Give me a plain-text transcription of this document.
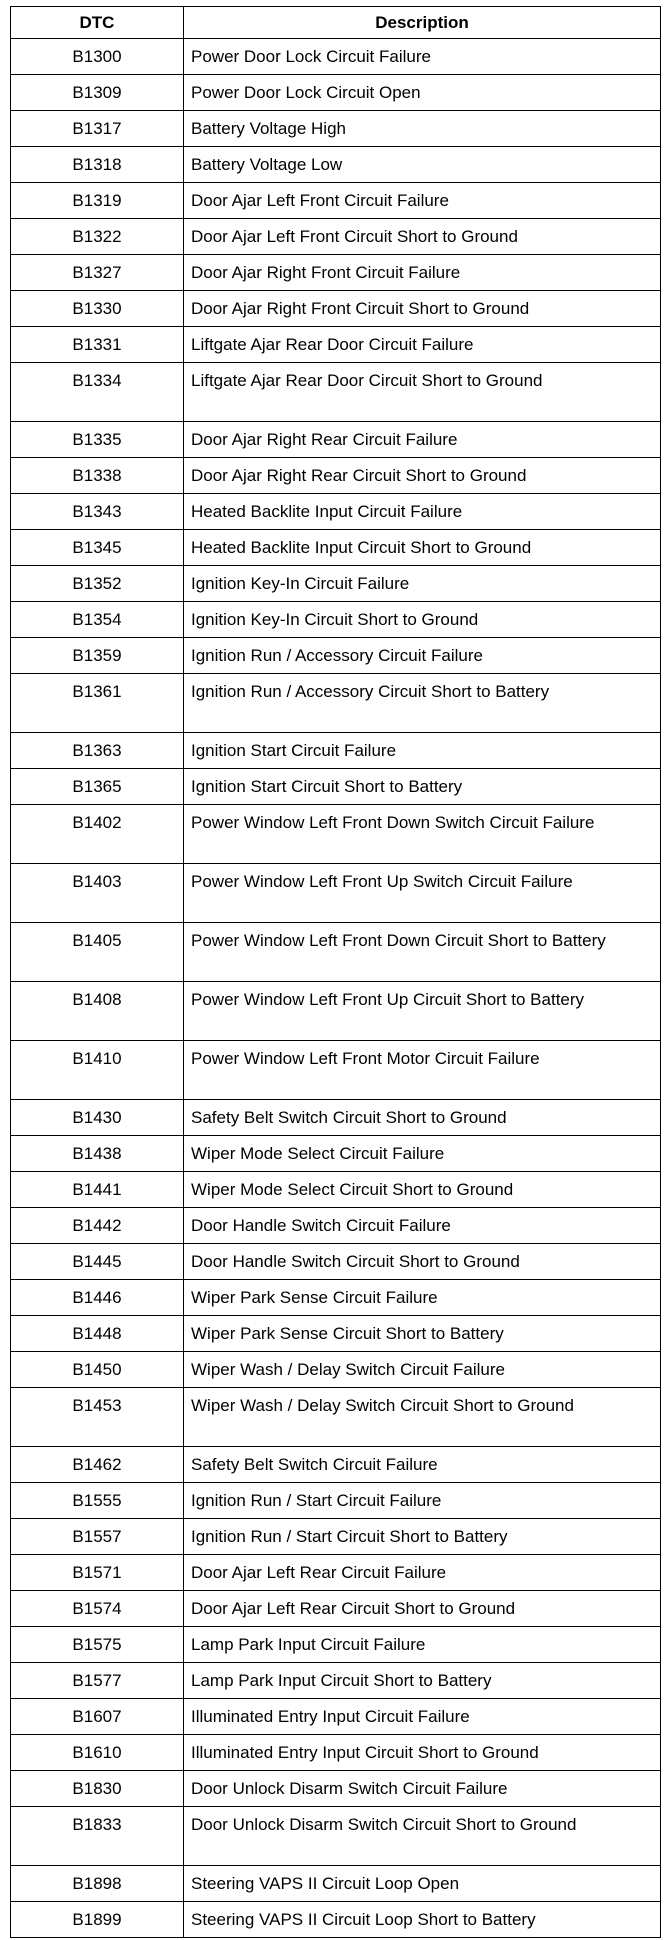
DTC	Description
B1300	Power Door Lock Circuit Failure
B1309	Power Door Lock Circuit Open
B1317	Battery Voltage High
B1318	Battery Voltage Low
B1319	Door Ajar Left Front Circuit Failure
B1322	Door Ajar Left Front Circuit Short to Ground
B1327	Door Ajar Right Front Circuit Failure
B1330	Door Ajar Right Front Circuit Short to Ground
B1331	Liftgate Ajar Rear Door Circuit Failure
B1334	Liftgate Ajar Rear Door Circuit Short to Ground
B1335	Door Ajar Right Rear Circuit Failure
B1338	Door Ajar Right Rear Circuit Short to Ground
B1343	Heated Backlite Input Circuit Failure
B1345	Heated Backlite Input Circuit Short to Ground
B1352	Ignition Key-In Circuit Failure
B1354	Ignition Key-In Circuit Short to Ground
B1359	Ignition Run / Accessory Circuit Failure
B1361	Ignition Run / Accessory Circuit Short to Battery
B1363	Ignition Start Circuit Failure
B1365	Ignition Start Circuit Short to Battery
B1402	Power Window Left Front Down Switch Circuit Failure
B1403	Power Window Left Front Up Switch Circuit Failure
B1405	Power Window Left Front Down Circuit Short to Battery
B1408	Power Window Left Front Up Circuit Short to Battery
B1410	Power Window Left Front Motor Circuit Failure
B1430	Safety Belt Switch Circuit Short to Ground
B1438	Wiper Mode Select Circuit Failure
B1441	Wiper Mode Select Circuit Short to Ground
B1442	Door Handle Switch Circuit Failure
B1445	Door Handle Switch Circuit Short to Ground
B1446	Wiper Park Sense Circuit Failure
B1448	Wiper Park Sense Circuit Short to Battery
B1450	Wiper Wash / Delay Switch Circuit Failure
B1453	Wiper Wash / Delay Switch Circuit Short to Ground
B1462	Safety Belt Switch Circuit Failure
B1555	Ignition Run / Start Circuit Failure
B1557	Ignition Run / Start Circuit Short to Battery
B1571	Door Ajar Left Rear Circuit Failure
B1574	Door Ajar Left Rear Circuit Short to Ground
B1575	Lamp Park Input Circuit Failure
B1577	Lamp Park Input Circuit Short to Battery
B1607	Illuminated Entry Input Circuit Failure
B1610	Illuminated Entry Input Circuit Short to Ground
B1830	Door Unlock Disarm Switch Circuit Failure
B1833	Door Unlock Disarm Switch Circuit Short to Ground
B1898	Steering VAPS II Circuit Loop Open
B1899	Steering VAPS II Circuit Loop Short to Battery
